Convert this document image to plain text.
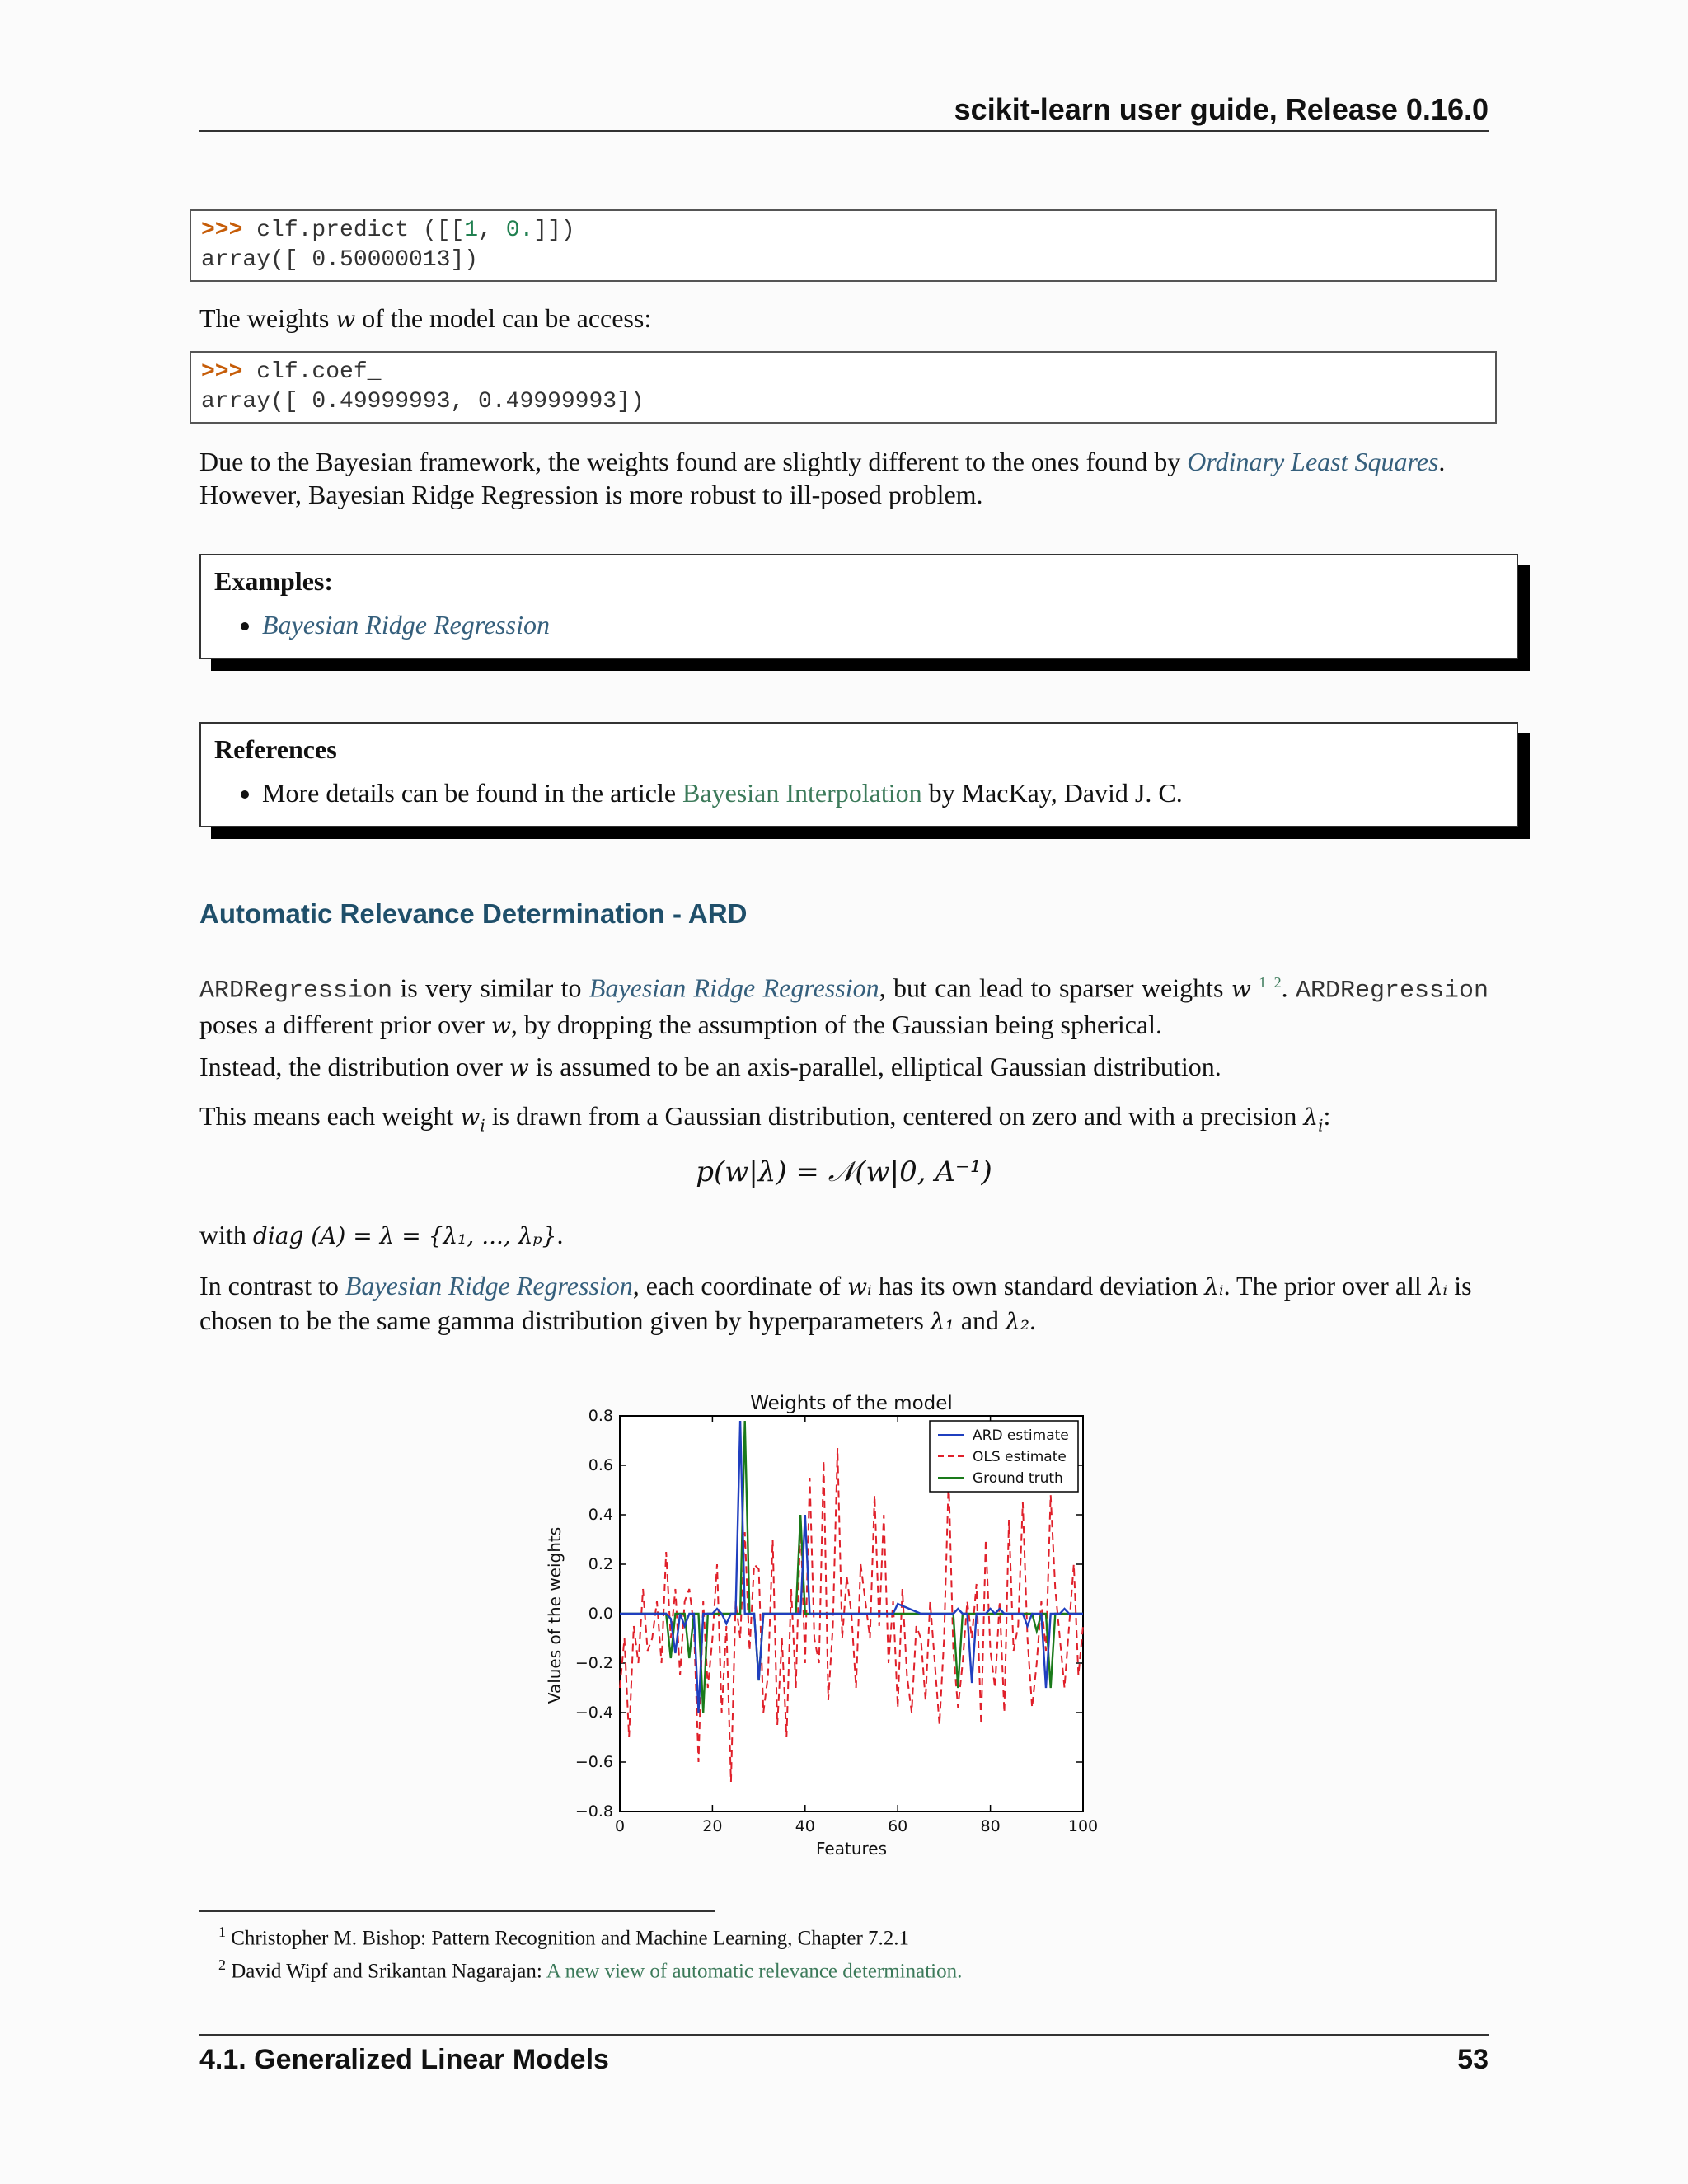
scikit-learn user guide, Release 0.16.0
>>> clf.predict ([[1, 0.]])
array([ 0.50000013])
The weights w of the model can be access:
>>> clf.coef_
array([ 0.49999993, 0.49999993])
Due to the Bayesian framework, the weights found are slightly different to the ones found by Ordinary Least Squares. However, Bayesian Ridge Regression is more robust to ill-posed problem.
Examples:
• Bayesian Ridge Regression
References
• More details can be found in the article Bayesian Interpolation by MacKay, David J. C.
Automatic Relevance Determination - ARD
ARDRegression is very similar to Bayesian Ridge Regression, but can lead to sparser weights w $^1$ $^2$. ARDRegression poses a different prior over w, by dropping the assumption of the Gaussian being spherical.
Instead, the distribution over w is assumed to be an axis-parallel, elliptical Gaussian distribution.
This means each weight $w_i$ is drawn from a Gaussian distribution, centered on zero and with a precision $\lambda_i$:
p(w|λ) = 𝒩(w|0, A⁻¹)
with diag (A) = λ = {λ₁, ..., λₚ}.
In contrast to Bayesian Ridge Regression, each coordinate of wᵢ has its own standard deviation λᵢ. The prior over all λᵢ is chosen to be the same gamma distribution given by hyperparameters λ₁ and λ₂.
Weights of the model
0	20	40	60	80	100
0.8
0.6
0.4
0.2
0.0
−0.2
−0.4
−0.6
−0.8
ARD estimate
OLS estimate
Ground truth
Features
Values of the weights
$^1$ Christopher M. Bishop: Pattern Recognition and Machine Learning, Chapter 7.2.1
$^2$ David Wipf and Srikantan Nagarajan: A new view of automatic relevance determination.
4.1. Generalized Linear Models	53
